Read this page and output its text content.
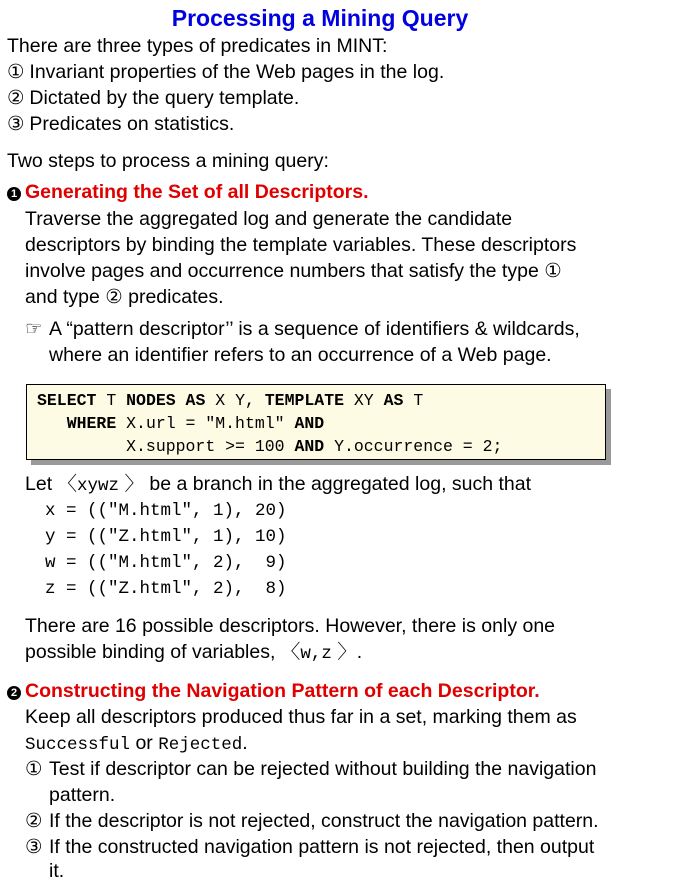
Processing a Mining Query
There are three types of predicates in MINT:
① Invariant properties of the Web pages in the log.
② Dictated by the query template.
③ Predicates on statistics.
Two steps to process a mining query:
1 Generating the Set of all Descriptors.
Traverse the aggregated log and generate the candidate
descriptors by binding the template variables. These descriptors
involve pages and occurrence numbers that satisfy the type ①
and type ② predicates.
☞ A “pattern descriptor’’ is a sequence of identifiers & wildcards,
where an identifier refers to an occurrence of a Web page.
SELECT T NODES AS X Y, TEMPLATE XY AS T
WHERE X.url = "M.html" AND
X.support >= 100 AND Y.occurrence = 2;
Let 〈xywz 〉 be a branch in the aggregated log, such that
x = (("M.html", 1), 20)
y = (("Z.html", 1), 10)
w = (("M.html", 2),  9)
z = (("Z.html", 2),  8)
There are 16 possible descriptors. However, there is only one
possible binding of variables, 〈w,z 〉.
2 Constructing the Navigation Pattern of each Descriptor.
Keep all descriptors produced thus far in a set, marking them as
Successful or Rejected.
① Test if descriptor can be rejected without building the navigation
pattern.
② If the descriptor is not rejected, construct the navigation pattern.
③ If the constructed navigation pattern is not rejected, then output
it.
